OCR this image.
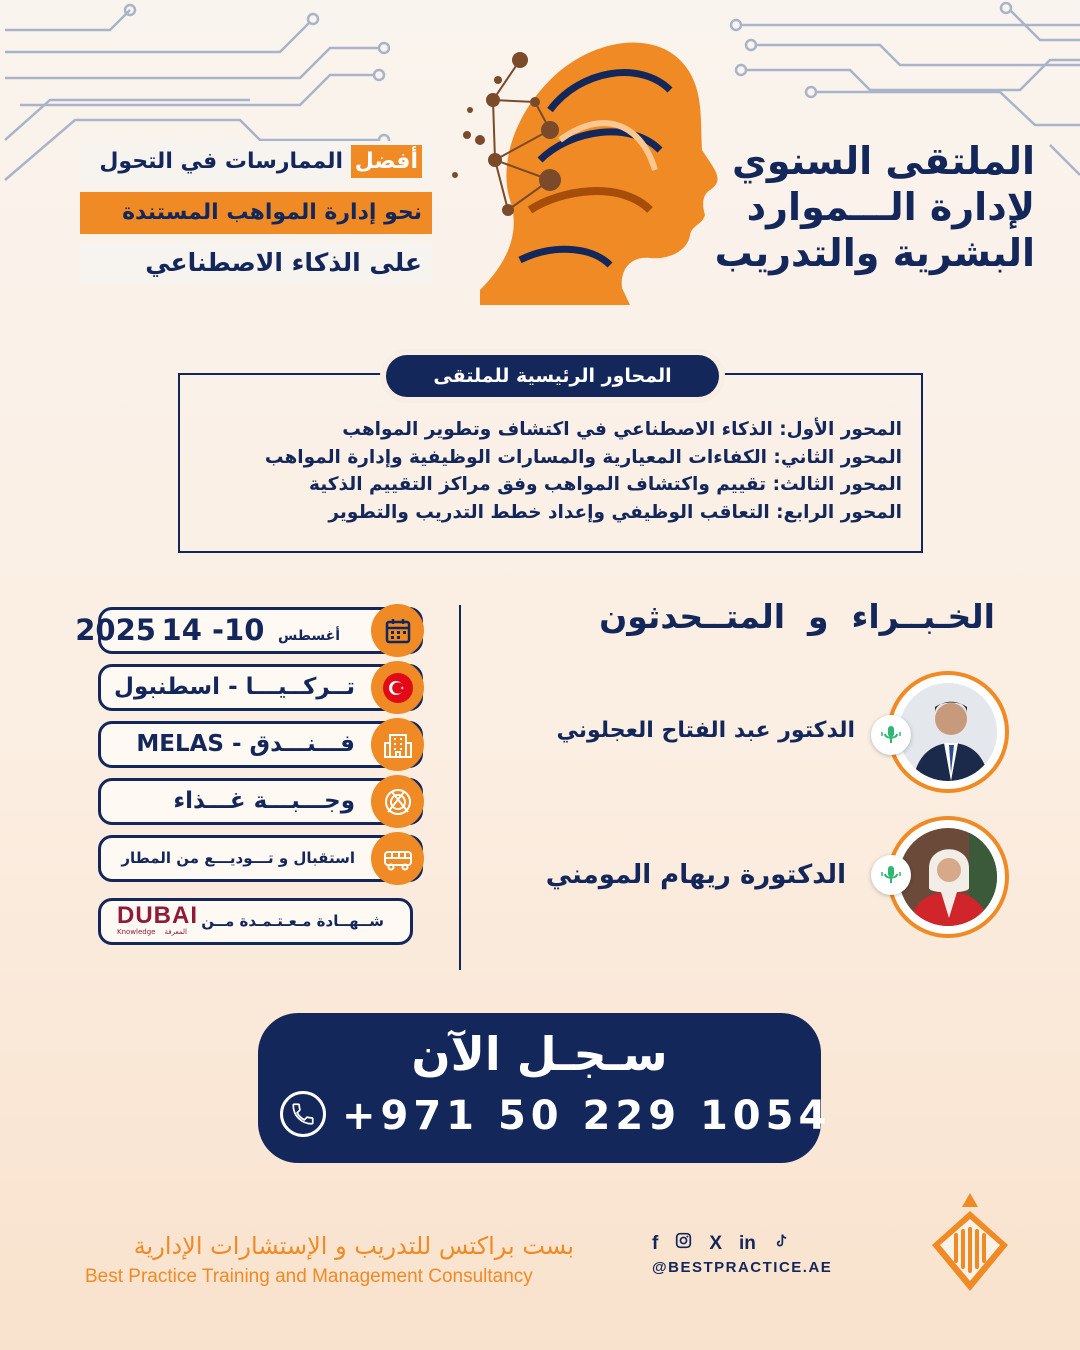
الملتقى السنوي
لإدارة الـــموارد
البشرية والتدريب
أفضل الممارسات في التحول
نحو إدارة المواهب المستندة
على الذكاء الاصطناعي
المحاور الرئيسية للملتقى
المحور الأول: الذكاء الاصطناعي في اكتشاف وتطوير المواهب
المحور الثاني: الكفاءات المعيارية والمسارات الوظيفية وإدارة المواهب
المحور الثالث: تقييم واكتشاف المواهب وفق مراكز التقييم الذكية
المحور الرابع: التعاقب الوظيفي وإعداد خطط التدريب والتطوير
2025	أغسطس 10- 14
تــركــيـــا - اسطنبول
فـــنـــدق - MELAS
وجـــبـــة غـــذاء
استقبال و تـــوديـــع من المطار
شــهــادة مـعـتـمـدة مــن
DUBAI
Knowledge المعرفة
الخـبــراء  و  المتــحدثون
الدكتور عبد الفتاح العجلوني
الدكتورة ريهام المومني
سـجـل الآن
+971 50 229 1054
بست براكتس للتدريب و الإستشارات الإدارية
Best Practice Training and Management Consultancy
f	X in
@BESTPRACTICE.AE
